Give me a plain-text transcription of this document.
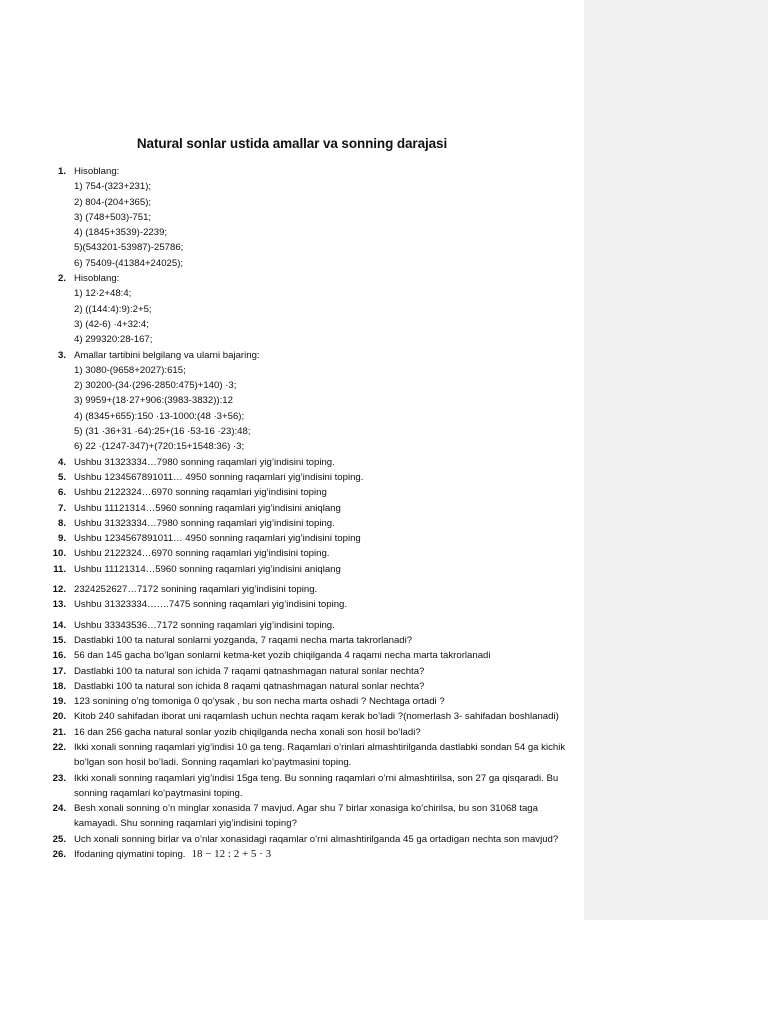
Natural sonlar ustida amallar va sonning darajasi
1. Hisoblang:
1) 754-(323+231);
2) 804-(204+365);
3) (748+503)-751;
4) (1845+3539)-2239;
5)(543201-53987)-25786;
6) 75409-(41384+24025);
2. Hisoblang:
1) 12·2+48:4;
2) ((144:4):9):2+5;
3) (42-6) ·4+32:4;
4) 299320:28-167;
3. Amallar tartibini belgilang va ularni bajaring:
1) 3080-(9658+2027):615;
2) 30200-(34·(296-2850:475)+140) ·3;
3) 9959+(18·27+906:(3983-3832)):12
4) (8345+655):150 ·13-1000:(48 ·3+56);
5) (31 ·36+31 ·64):25+(16 ·53-16 ·23):48;
6) 22 ·(1247-347)+(720:15+1548:36) ·3;
4. Ushbu 31323334…7980 sonning raqamlari yig’indisini toping.
5. Ushbu 1234567891011… 4950 sonning raqamlari yig’indisini toping.
6. Ushbu 2122324…6970 sonning raqamlari yig’indisini toping
7. Ushbu 11121314…5960 sonning raqamlari yig’indisini aniqlang
8. Ushbu 31323334…7980 sonning raqamlari yig’indisini toping.
9. Ushbu 1234567891011… 4950 sonning raqamlari yig’indisini toping
10. Ushbu 2122324…6970 sonning raqamlari yig’indisini toping.
11. Ushbu 11121314…5960 sonning raqamlari yig’indisini aniqlang
12. 2324252627…7172 sonining raqamlari yig’indisini toping.
13. Ushbu 31323334…….7475 sonning raqamlari yig’indisini toping.
14. Ushbu 33343536…7172 sonning raqamlari yig’indisini toping.
15. Dastlabki 100 ta natural sonlarni yozganda, 7 raqami necha marta takrorlanadi?
16. 56 dan 145 gacha bo’lgan sonlarni ketma-ket yozib chiqilganda 4 raqami necha marta takrorlanadi
17. Dastlabki 100 ta natural son ichida 7 raqami qatnashmagan natural sonlar nechta?
18. Dastlabki 100 ta natural son ichida 8 raqami qatnashmagan natural sonlar nechta?
19. 123 sonining o’ng tomoniga 0 qo’ysak , bu son necha marta oshadi ? Nechtaga ortadi ?
20. Kitob 240 sahifadan iborat uni raqamlash uchun nechta raqam kerak bo’ladi ?(nomerlash 3- sahifadan boshlanadi)
21. 16 dan 256 gacha natural sonlar yozib chiqilganda necha xonali son hosil bo’ladi?
22. Ikki xonali sonning raqamlari yig’indisi 10 ga teng. Raqamlari o’rinlari almashtirilganda dastlabki sondan 54 ga kichik bo’lgan son hosil bo’ladi. Sonning raqamlari ko’paytmasini toping.
23. Ikki xonali sonning raqamlari yig’indisi 15ga teng. Bu sonning raqamlari o’rni almashtirilsa, son 27 ga qisqaradi. Bu sonning raqamlari ko’paytmasini toping.
24. Besh xonali sonning o’n minglar xonasida 7 mavjud. Agar shu 7 birlar xonasiga ko’chirilsa, bu son 31068 taga kamayadi. Shu sonning raqamlari yig’indisini toping?
25. Uch xonali sonning birlar va o’nlar xonasidagi raqamlar o’rni almashtirilganda 45 ga ortadigan nechta son mavjud?
26. Ifodaning qiymatini toping. 18 − 12 : 2 + 5 · 3
